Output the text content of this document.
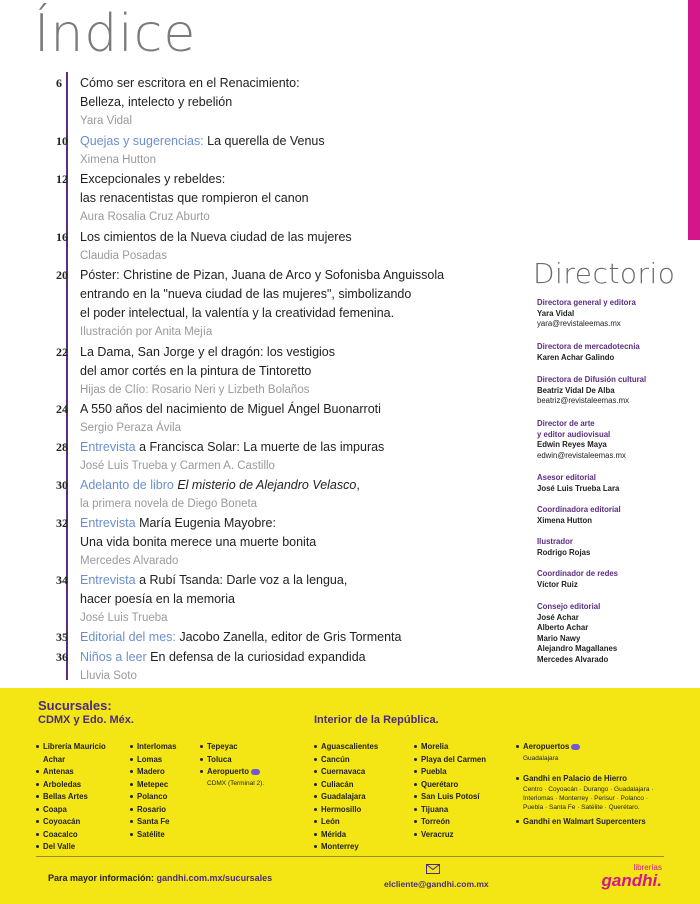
Índice
6	Cómo ser escritora en el Renacimiento:
Belleza, intelecto y rebelión
Yara Vidal
10 Quejas y sugerencias: La querella de Venus
Ximena Hutton
12 Excepcionales y rebeldes:
las renacentistas que rompieron el canon
Aura Rosalia Cruz Aburto
16 Los cimientos de la Nueva ciudad de las mujeres
Claudia Posadas
20 Póster: Christine de Pizan, Juana de Arco y Sofonisba Anguissola
entrando en la "nueva ciudad de las mujeres", simbolizando
el poder intelectual, la valentía y la creatividad femenina.
Ilustración por Anita Mejía
22 La Dama, San Jorge y el dragón: los vestigios
del amor cortés en la pintura de Tintoretto
Hijas de Clío: Rosario Neri y Lizbeth Bolaños
24 A 550 años del nacimiento de Miguel Ángel Buonarroti
Sergio Peraza Ávila
28 Entrevista a Francisca Solar: La muerte de las impuras
José Luis Trueba y Carmen A. Castillo
30 Adelanto de libro El misterio de Alejandro Velasco,
la primera novela de Diego Boneta
32 Entrevista María Eugenia Mayobre:
Una vida bonita merece una muerte bonita
Mercedes Alvarado
34 Entrevista a Rubí Tsanda: Darle voz a la lengua,
hacer poesía en la memoria
José Luis Trueba
35 Editorial del mes: Jacobo Zanella, editor de Gris Tormenta
36 Niños a leer En defensa de la curiosidad expandida
Lluvia Soto
Directorio
Directora general y editora
Yara Vidal
yara@revistaleemas.mx
Directora de mercadotecnia
Karen Achar Galindo
Directora de Difusión cultural
Beatriz Vidal De Alba
beatriz@revistaleemas.mx
Director de arte
y editor audiovisual
Edwin Reyes Maya
edwin@revistaleemas.mx
Asesor editorial
José Luis Trueba Lara
Coordinadora editorial
Ximena Hutton
Ilustrador
Rodrigo Rojas
Coordinador de redes
Víctor Ruiz
Consejo editorial
José Achar
Alberto Achar
Mario Nawy
Alejandro Magallanes
Mercedes Alvarado
Sucursales:
CDMX y Edo. Méx.	Interior de la República.
Librería Mauricio Achar
Antenas
Arboledas
Bellas Artes
Coapa
Coyoacán
Coacalco
Del Valle
Interlomas
Lomas
Madero
Metepec
Polanco
Rosario
Santa Fe
Satélite
Tepeyac
Toluca
Aeropuerto
CDMX (Terminal 2).
Aguascalientes
Cancún
Cuernavaca
Culiacán
Guadalajara
Hermosillo
León
Mérida
Monterrey
Morelia
Playa del Carmen
Puebla
Querétaro
San Luis Potosí
Tijuana
Torreón
Veracruz
Aeropuertos
Guadalajara
Gandhi en Palacio de Hierro
Centro · Coyoacán · Durango · Guadalajara · Interlomas · Monterrey · Perisur · Polanco · Puebla · Santa Fe · Satélite · Querétaro.
Gandhi en Walmart Supercenters
Para mayor información: gandhi.com.mx/sucursales
elcliente@gandhi.com.mx
librerías
gandhi.
